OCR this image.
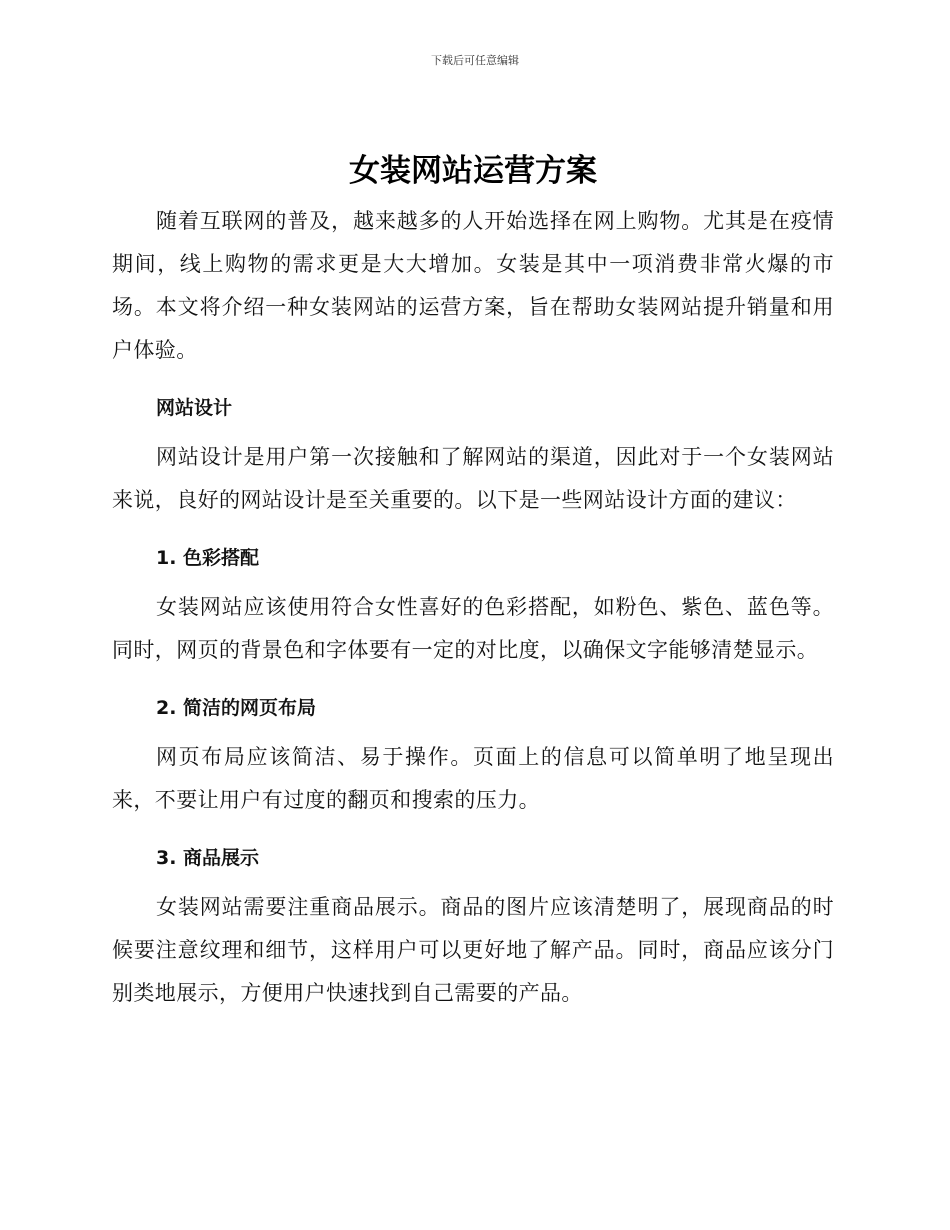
下载后可任意编辑
女装网站运营方案

随着互联网的普及，越来越多的人开始选择在网上购物。尤其是在疫情期间，线上购物的需求更是大大增加。女装是其中一项消费非常火爆的市场。本文将介绍一种女装网站的运营方案，旨在帮助女装网站提升销量和用户体验。

网站设计

网站设计是用户第一次接触和了解网站的渠道，因此对于一个女装网站来说，良好的网站设计是至关重要的。以下是一些网站设计方面的建议：

1. 色彩搭配

女装网站应该使用符合女性喜好的色彩搭配，如粉色、紫色、蓝色等。同时，网页的背景色和字体要有一定的对比度，以确保文字能够清楚显示。

2. 简洁的网页布局

网页布局应该简洁、易于操作。页面上的信息可以简单明了地呈现出来，不要让用户有过度的翻页和搜索的压力。

3. 商品展示

女装网站需要注重商品展示。商品的图片应该清楚明了，展现商品的时候要注意纹理和细节，这样用户可以更好地了解产品。同时，商品应该分门别类地展示，方便用户快速找到自己需要的产品。
